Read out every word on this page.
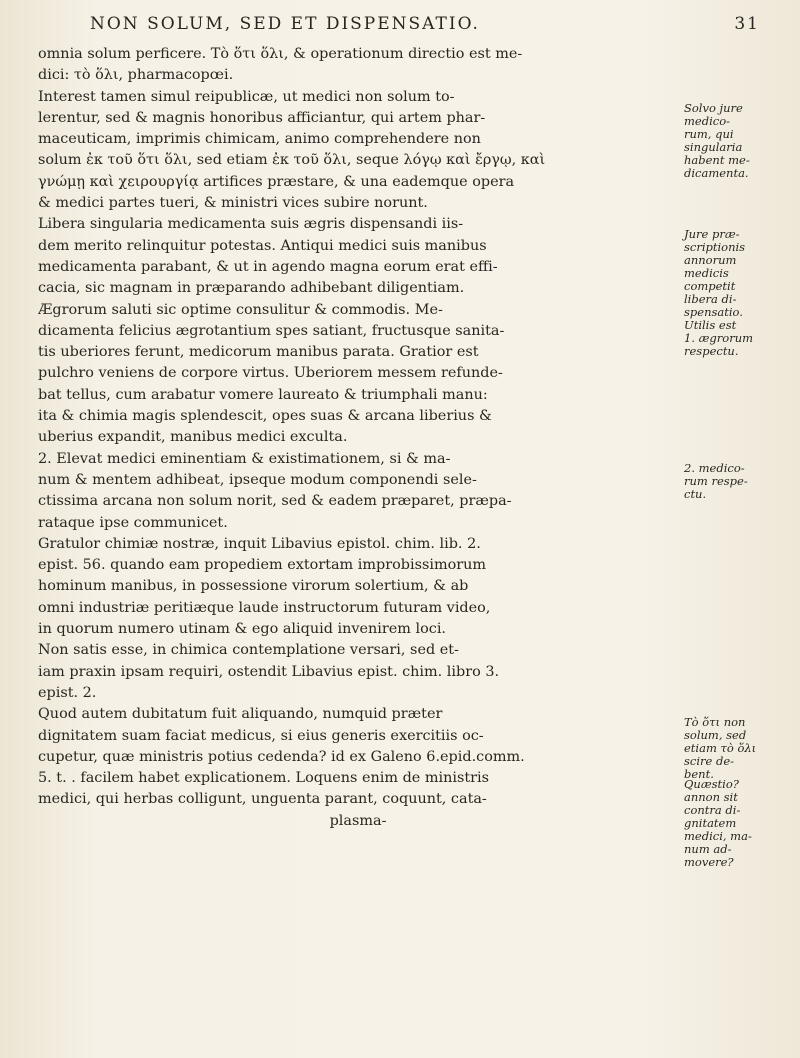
NON SOLUM, SED ET DISPENSATIO.	31
omnia solum perficere. Τὸ ὅτι ὅλι, & operationum directio est me-
dici: τὸ ὅλι, pharmacopœi.
Interest tamen simul reipublicæ, ut medici non solum to-
lerentur, sed & magnis honoribus afficiantur, qui artem phar-
maceuticam, imprimis chimicam, animo comprehendere non
solum ἐκ τοῦ ὅτι ὅλι, sed etiam ἐκ τοῦ ὅλι, seque λόγῳ καὶ ἔργῳ, καὶ
γνώμῃ καὶ χειρουργίᾳ artifices præstare, & una eademque opera
& medici partes tueri, & ministri vices subire norunt.
Libera singularia medicamenta suis ægris dispensandi iis-
dem merito relinquitur potestas. Antiqui medici suis manibus
medicamenta parabant, & ut in agendo magna eorum erat effi-
cacia, sic magnam in præparando adhibebant diligentiam.
Ægrorum saluti sic optime consulitur & commodis. Me-
dicamenta felicius ægrotantium spes satiant, fructusque sanita-
tis uberiores ferunt, medicorum manibus parata. Gratior est
pulchro veniens de corpore virtus. Uberiorem messem refunde-
bat tellus, cum arabatur vomere laureato & triumphali manu:
ita & chimia magis splendescit, opes suas & arcana liberius &
uberius expandit, manibus medici exculta.
2. Elevat medici eminentiam & existimationem, si & ma-
num & mentem adhibeat, ipseque modum componendi sele-
ctissima arcana non solum norit, sed & eadem præparet, præpa-
rataque ipse communicet.
Gratulor chimiæ nostræ, inquit Libavius epistol. chim. lib. 2.
epist. 56. quando eam propediem extortam improbissimorum
hominum manibus, in possessione virorum solertium, & ab
omni industriæ peritiæque laude instructorum futuram video,
in quorum numero utinam & ego aliquid invenirem loci.
Non satis esse, in chimica contemplatione versari, sed et-
iam praxin ipsam requiri, ostendit Libavius epist. chim. libro 3.
epist. 2.
Quod autem dubitatum fuit aliquando, numquid præter
dignitatem suam faciat medicus, si eius generis exercitiis oc-
cupetur, quæ ministris potius cedenda? id ex Galeno 6.epid.comm.
5. t. . facilem habet explicationem. Loquens enim de ministris
medici, qui herbas colligunt, unguenta parant, coquunt, cata-
plasma-
Solvo jure
medico-
rum, qui
singularia
habent me-
dicamenta.
Jure præ-
scriptionis
annorum
medicis
competit
libera di-
spensatio.
Utilis est
1. ægrorum
respectu.
2. medico-
rum respe-
ctu.
Τὸ ὅτι non
solum, sed
etiam τὸ ὅλι
scire de-
bent.
Quæstio?
annon sit
contra di-
gnitatem
medici, ma-
num ad-
movere?
